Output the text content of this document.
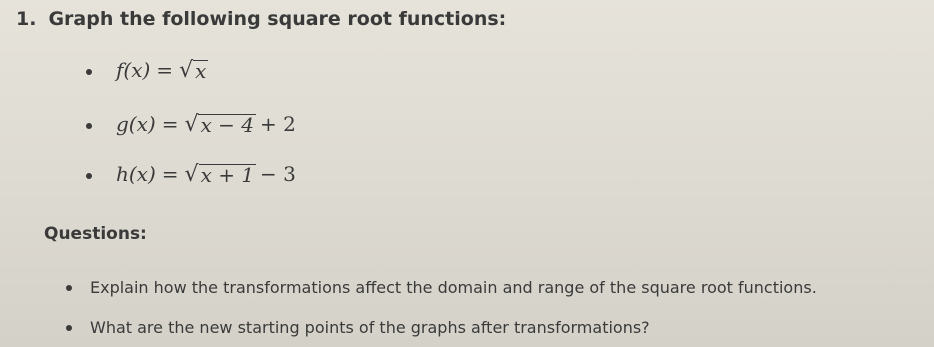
1. Graph the following square root functions:
f(x) = √ x
g(x) = √ x − 4 + 2
h(x) = √ x + 1 − 3
Questions:
Explain how the transformations affect the domain and range of the square root functions.
What are the new starting points of the graphs after transformations?
